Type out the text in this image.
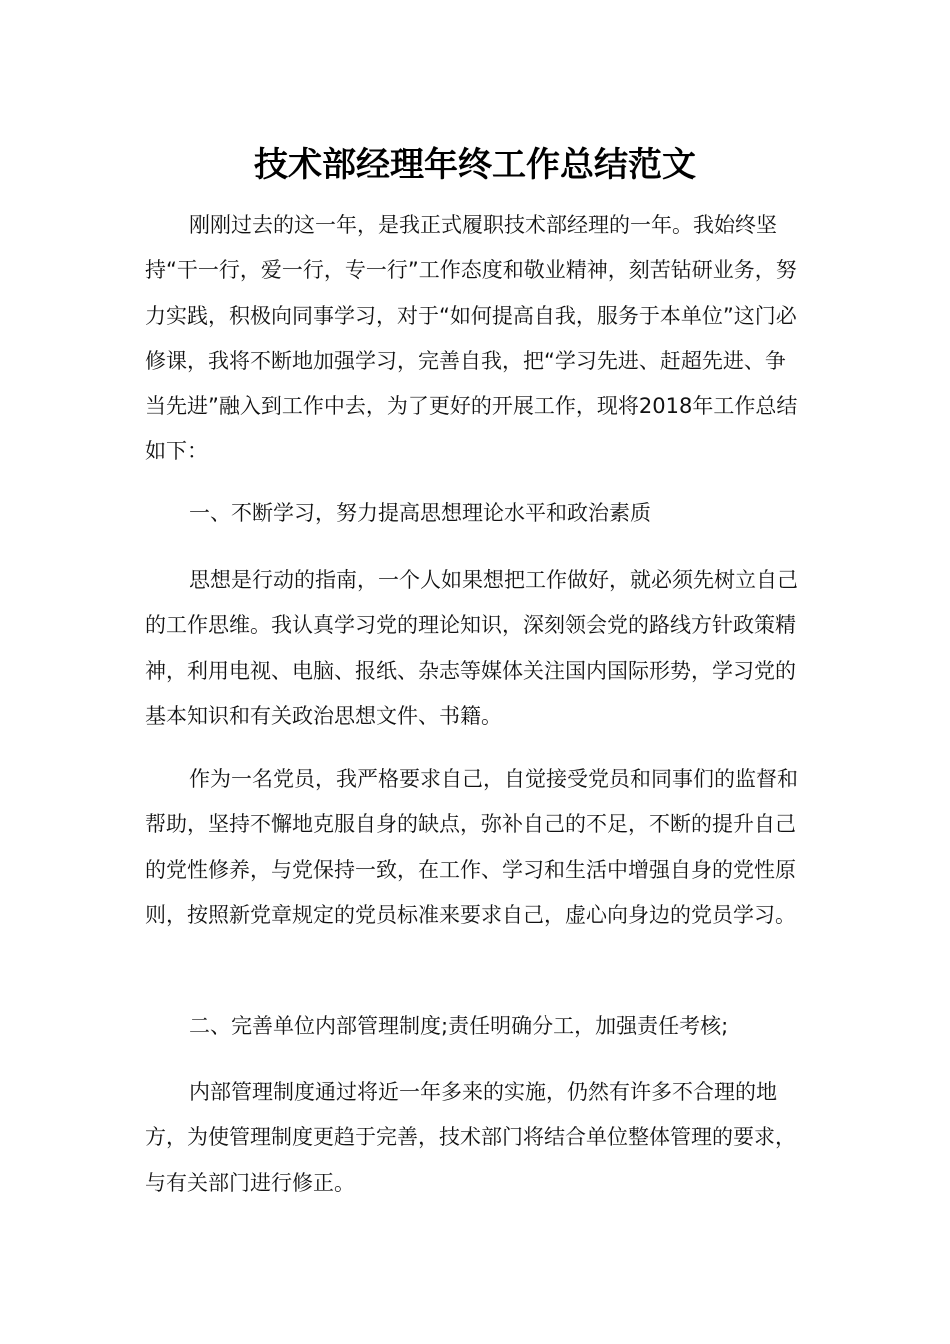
技术部经理年终工作总结范文

刚刚过去的这一年，是我正式履职技术部经理的一年。我始终坚持“干一行，爱一行，专一行”工作态度和敬业精神，刻苦钻研业务，努力实践，积极向同事学习，对于“如何提高自我，服务于本单位”这门必修课，我将不断地加强学习，完善自我，把“学习先进、赶超先进、争当先进”融入到工作中去，为了更好的开展工作，现将2018年工作总结如下：

一、不断学习，努力提高思想理论水平和政治素质

思想是行动的指南，一个人如果想把工作做好，就必须先树立自己的工作思维。我认真学习党的理论知识，深刻领会党的路线方针政策精神，利用电视、电脑、报纸、杂志等媒体关注国内国际形势，学习党的基本知识和有关政治思想文件、书籍。

作为一名党员，我严格要求自己，自觉接受党员和同事们的监督和帮助，坚持不懈地克服自身的缺点，弥补自己的不足，不断的提升自己的党性修养，与党保持一致，在工作、学习和生活中增强自身的党性原则，按照新党章规定的党员标准来要求自己，虚心向身边的党员学习。

二、完善单位内部管理制度;责任明确分工，加强责任考核;

内部管理制度通过将近一年多来的实施，仍然有许多不合理的地方，为使管理制度更趋于完善，技术部门将结合单位整体管理的要求，与有关部门进行修正。
